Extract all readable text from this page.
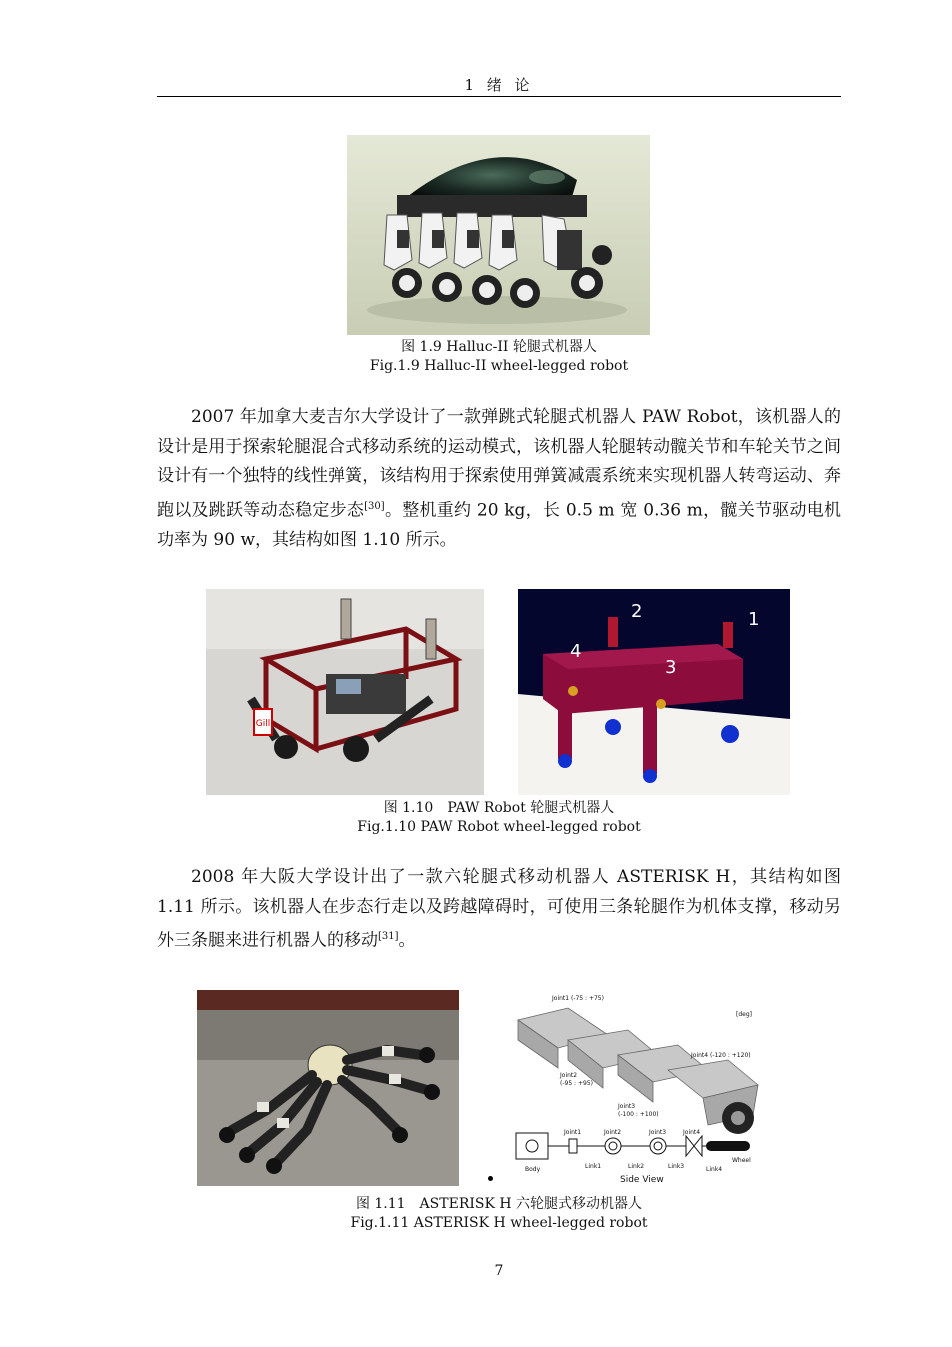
1 绪 论
图 1.9 Halluc-II 轮腿式机器人
Fig.1.9 Halluc-II wheel-legged robot

2007 年加拿大麦吉尔大学设计了一款弹跳式轮腿式机器人 PAW Robot，该机器人的设计是用于探索轮腿混合式移动系统的运动模式，该机器人轮腿转动髋关节和车轮关节之间设计有一个独特的线性弹簧，该结构用于探索使用弹簧减震系统来实现机器人转弯运动、奔跑以及跳跃等动态稳定步态[30]。整机重约 20 kg，长 0.5 m 宽 0.36 m，髋关节驱动电机功率为 90 w，其结构如图 1.10 所示。

Gill
2	1
4
3
图 1.10　PAW Robot 轮腿式机器人
Fig.1.10 PAW Robot wheel-legged robot

2008 年大阪大学设计出了一款六轮腿式移动机器人 ASTERISK H，其结构如图 1.11 所示。该机器人在步态行走以及跨越障碍时，可使用三条轮腿作为机体支撑，移动另外三条腿来进行机器人的移动[31]。

Joint1 (-75 : +75)
[deg]
Joint4 (-120 : +120)
Joint2
(-95 : +95)
Joint3
(-100 : +100)
Joint1	Joint2	Joint3	Joint4
Link1	Link2	Link3	Link4
Body
Wheel
Side View
图 1.11　ASTERISK H 六轮腿式移动机器人
Fig.1.11 ASTERISK H wheel-legged robot
7
